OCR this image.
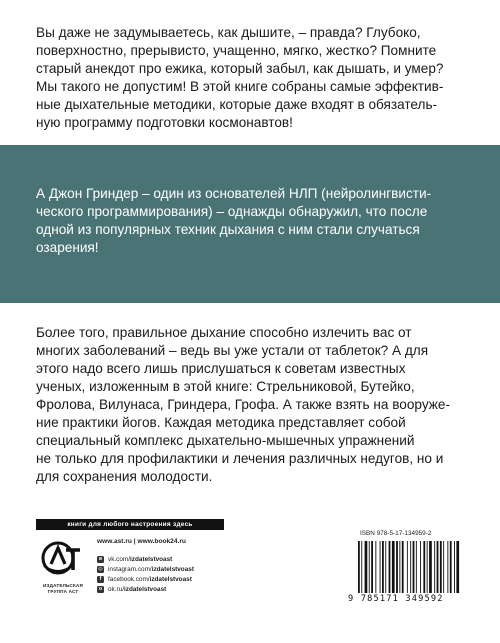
Вы даже не задумываетесь, как дышите, – правда? Глубоко,
поверхностно, прерывисто, учащенно, мягко, жестко? Помните
старый анекдот про ежика, который забыл, как дышать, и умер?
Мы такого не допустим! В этой книге собраны самые эффектив-
ные дыхательные методики, которые даже входят в обязатель-
ную программу подготовки космонавтов!

А Джон Гриндер – один из основателей НЛП (нейролингвисти-
ческого программирования) – однажды обнаружил, что после
одной из популярных техник дыхания с ним стали случаться
озарения!

Более того, правильное дыхание способно излечить вас от
многих заболеваний – ведь вы уже устали от таблеток? А для
этого надо всего лишь прислушаться к советам известных
ученых, изложенным в этой книге: Стрельниковой, Бутейко,
Фролова, Вилунаса, Гриндера, Грофа. А также взять на вооруже-
ние практики йогов. Каждая методика представляет собой
специальный комплекс дыхательно-мышечных упражнений
не только для профилактики и лечения различных недугов, но и
для сохранения молодости.

книги для любого настроения здесь
ИЗДАТЕЛЬСКАЯ ГРУППА АСТ
www.ast.ru | www.book24.ru
в vk.com/ izdatelstvoast
◎ instagram.com/ izdatelstvoast
f	facebook.com/ izdatelstvoast
о ok.ru/ izdatelstvoast
ISBN 978-5-17-134959-2
9 785171 349592
